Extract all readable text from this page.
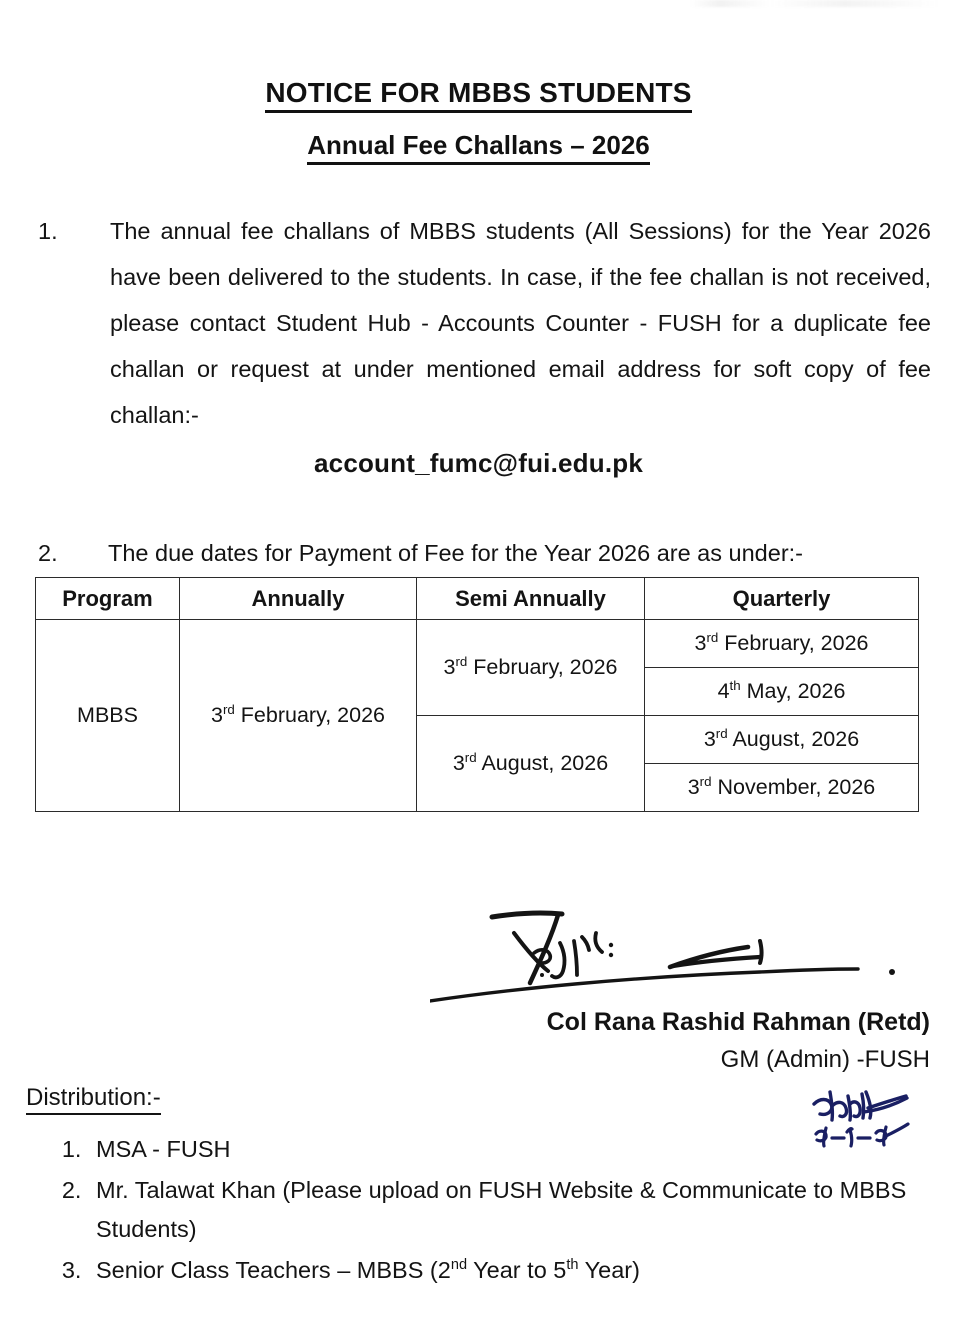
NOTICE FOR MBBS STUDENTS
Annual Fee Challans – 2026
1. The annual fee challans of MBBS students (All Sessions) for the Year 2026 have been delivered to the students. In case, if the fee challan is not received, please contact Student Hub - Accounts Counter - FUSH for a duplicate fee challan or request at under mentioned email address for soft copy of fee challan:-
account_fumc@fui.edu.pk
2. The due dates for Payment of Fee for the Year 2026 are as under:-
Program	Annually	Semi Annually	Quarterly
MBBS	3rd February, 2026	3rd February, 2026	3rd February, 2026
			4th May, 2026
		3rd August, 2026	3rd August, 2026
			3rd November, 2026
Col Rana Rashid Rahman (Retd)
GM (Admin) -FUSH
Distribution:-
1. MSA - FUSH
2. Mr. Talawat Khan (Please upload on FUSH Website & Communicate to MBBS Students)
3. Senior Class Teachers – MBBS (2nd Year to 5th Year)
